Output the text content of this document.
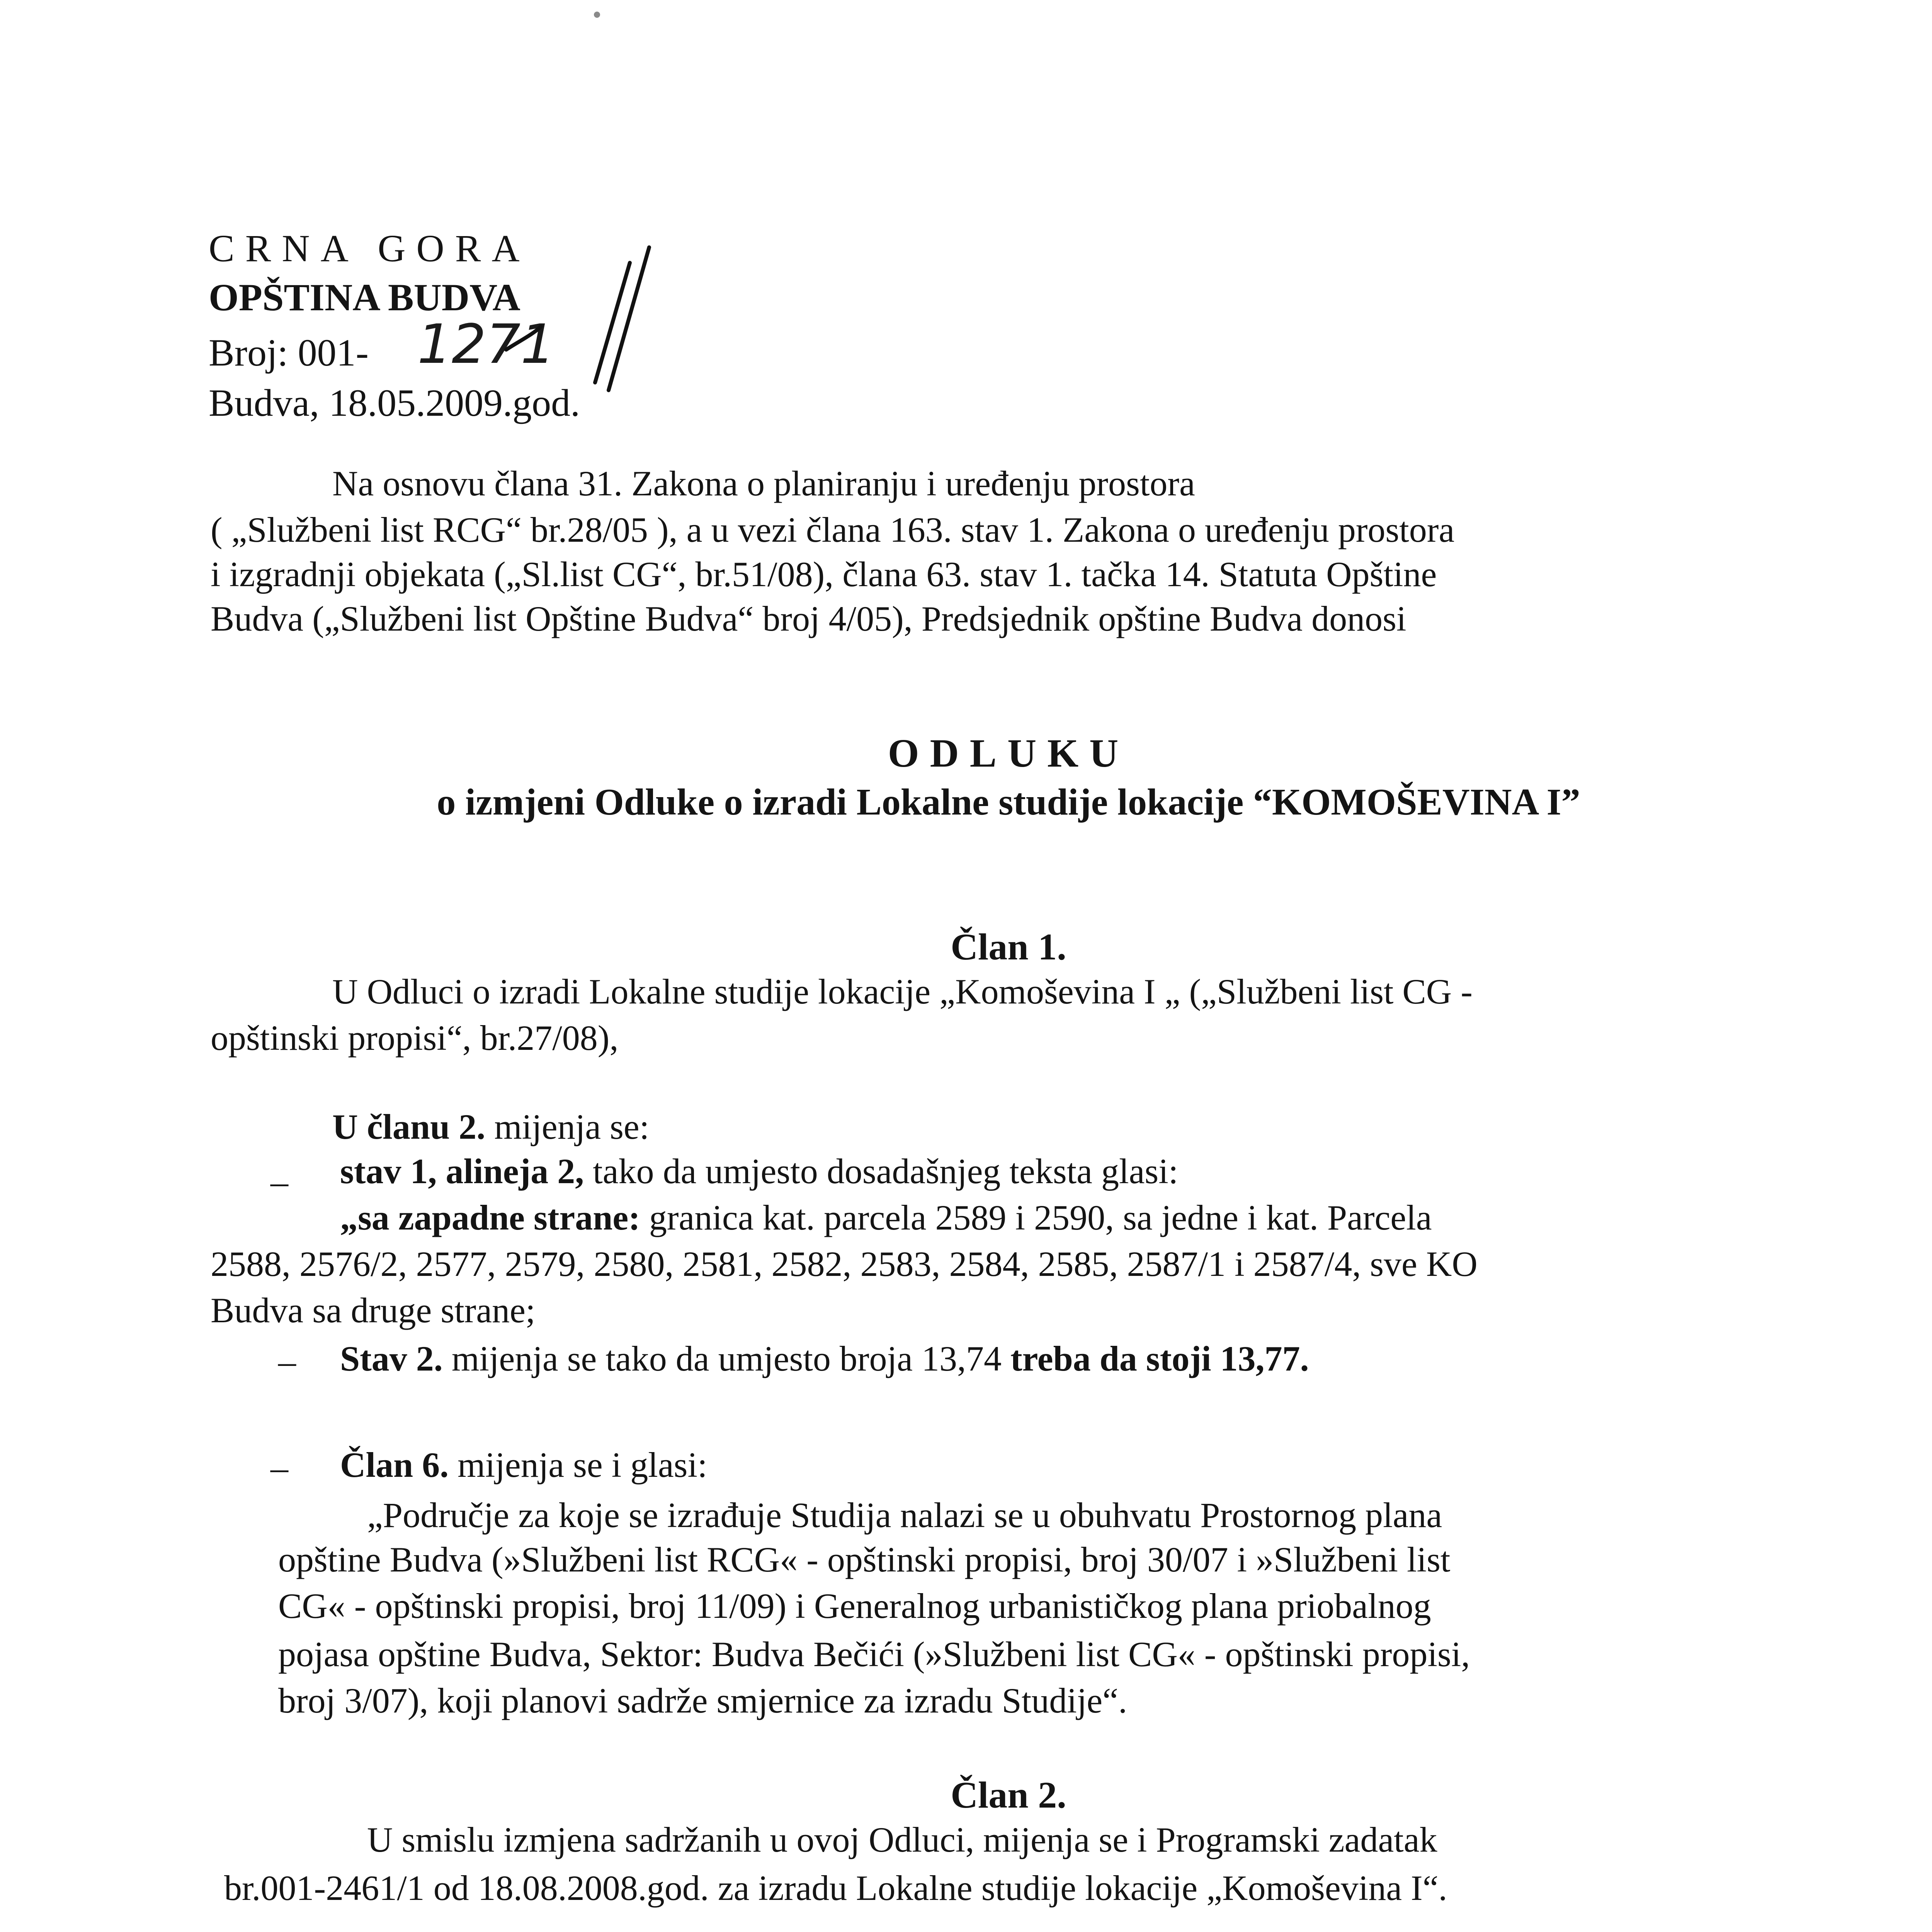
CRNA GORA
OPŠTINA BUDVA
Broj: 001- 1271
Budva, 18.05.2009.god.
Na osnovu člana 31. Zakona o planiranju i uređenju prostora
( „Službeni list RCG“ br.28/05 ), a u vezi člana 163. stav 1. Zakona o uređenju prostora
i izgradnji objekata („Sl.list CG“, br.51/08), člana 63. stav 1. tačka 14. Statuta Opštine
Budva („Službeni list Opštine Budva“ broj 4/05), Predsjednik opštine Budva donosi
ODLUKU
o izmjeni Odluke o izradi Lokalne studije lokacije “KOMOŠEVINA I”
Član 1.
U Odluci o izradi Lokalne studije lokacije „Komoševina I „ („Službeni list CG -
opštinski propisi“, br.27/08),
U članu 2. mijenja se:
– stav 1, alineja 2, tako da umjesto dosadašnjeg teksta glasi:
„sa zapadne strane: granica kat. parcela 2589 i 2590, sa jedne i kat. Parcela
2588, 2576/2, 2577, 2579, 2580, 2581, 2582, 2583, 2584, 2585, 2587/1 i 2587/4, sve KO
Budva sa druge strane;
– Stav 2. mijenja se tako da umjesto broja 13,74 treba da stoji 13,77.
– Član 6. mijenja se i glasi:
„Područje za koje se izrađuje Studija nalazi se u obuhvatu Prostornog plana
opštine Budva (»Službeni list RCG« - opštinski propisi, broj 30/07 i »Službeni list
CG« - opštinski propisi, broj 11/09) i Generalnog urbanističkog plana priobalnog
pojasa opštine Budva, Sektor: Budva Bečići (»Službeni list CG« - opštinski propisi,
broj 3/07), koji planovi sadrže smjernice za izradu Studije“.
Član 2.
U smislu izmjena sadržanih u ovoj Odluci, mijenja se i Programski zadatak
br.001-2461/1 od 18.08.2008.god. za izradu Lokalne studije lokacije „Komoševina I“.
